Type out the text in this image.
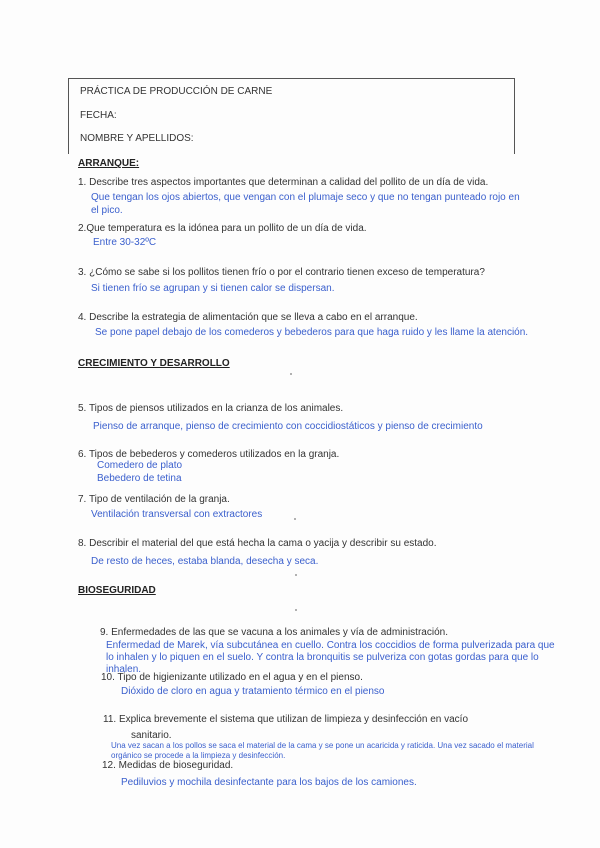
PRÁCTICA DE PRODUCCIÓN DE CARNE
FECHA:
NOMBRE Y APELLIDOS:
ARRANQUE:
1. Describe tres aspectos importantes que determinan a calidad del pollito de un día de vida.
Que tengan los ojos abiertos, que vengan con el plumaje seco y que no tengan punteado rojo en
el pico.
2.Que temperatura es la idónea para un pollito de un día de vida.
Entre 30-32ºC
3. ¿Cómo se sabe si los pollitos tienen frío o por el contrario tienen exceso de temperatura?
Si tienen frío se agrupan y si tienen calor se dispersan.
4. Describe la estrategia de alimentación que se lleva a cabo en el arranque.
Se pone papel debajo de los comederos y bebederos para que haga ruido y les llame la atención.
CRECIMIENTO Y DESARROLLO
5. Tipos de piensos utilizados en la crianza de los animales.
Pienso de arranque, pienso de crecimiento con coccidiostáticos y pienso de crecimiento
6. Tipos de bebederos y comederos utilizados en la granja.
Comedero de plato
Bebedero de tetina
7. Tipo de ventilación de la granja.
Ventilación transversal con extractores
8. Describir el material del que está hecha la cama o yacija y describir su estado.
De resto de heces, estaba blanda, desecha y seca.
BIOSEGURIDAD
9. Enfermedades de las que se vacuna a los animales y vía de administración.
Enfermedad de Marek, vía subcutánea en cuello. Contra los coccidios de forma pulverizada para que
lo inhalen y lo piquen en el suelo. Y contra la bronquitis se pulveriza con gotas gordas para que lo
inhalen.
10. Tipo de higienizante utilizado en el agua y en el pienso.
Dióxido de cloro en agua y tratamiento térmico en el pienso
11. Explica brevemente el sistema que utilizan de limpieza y desinfección en vacío
sanitario.
Una vez sacan a los pollos se saca el material de la cama y se pone un acaricida y raticida. Una vez sacado el material
orgánico se procede a la limpieza y desinfección.
12. Medidas de bioseguridad.
Pediluvios y mochila desinfectante para los bajos de los camiones.
